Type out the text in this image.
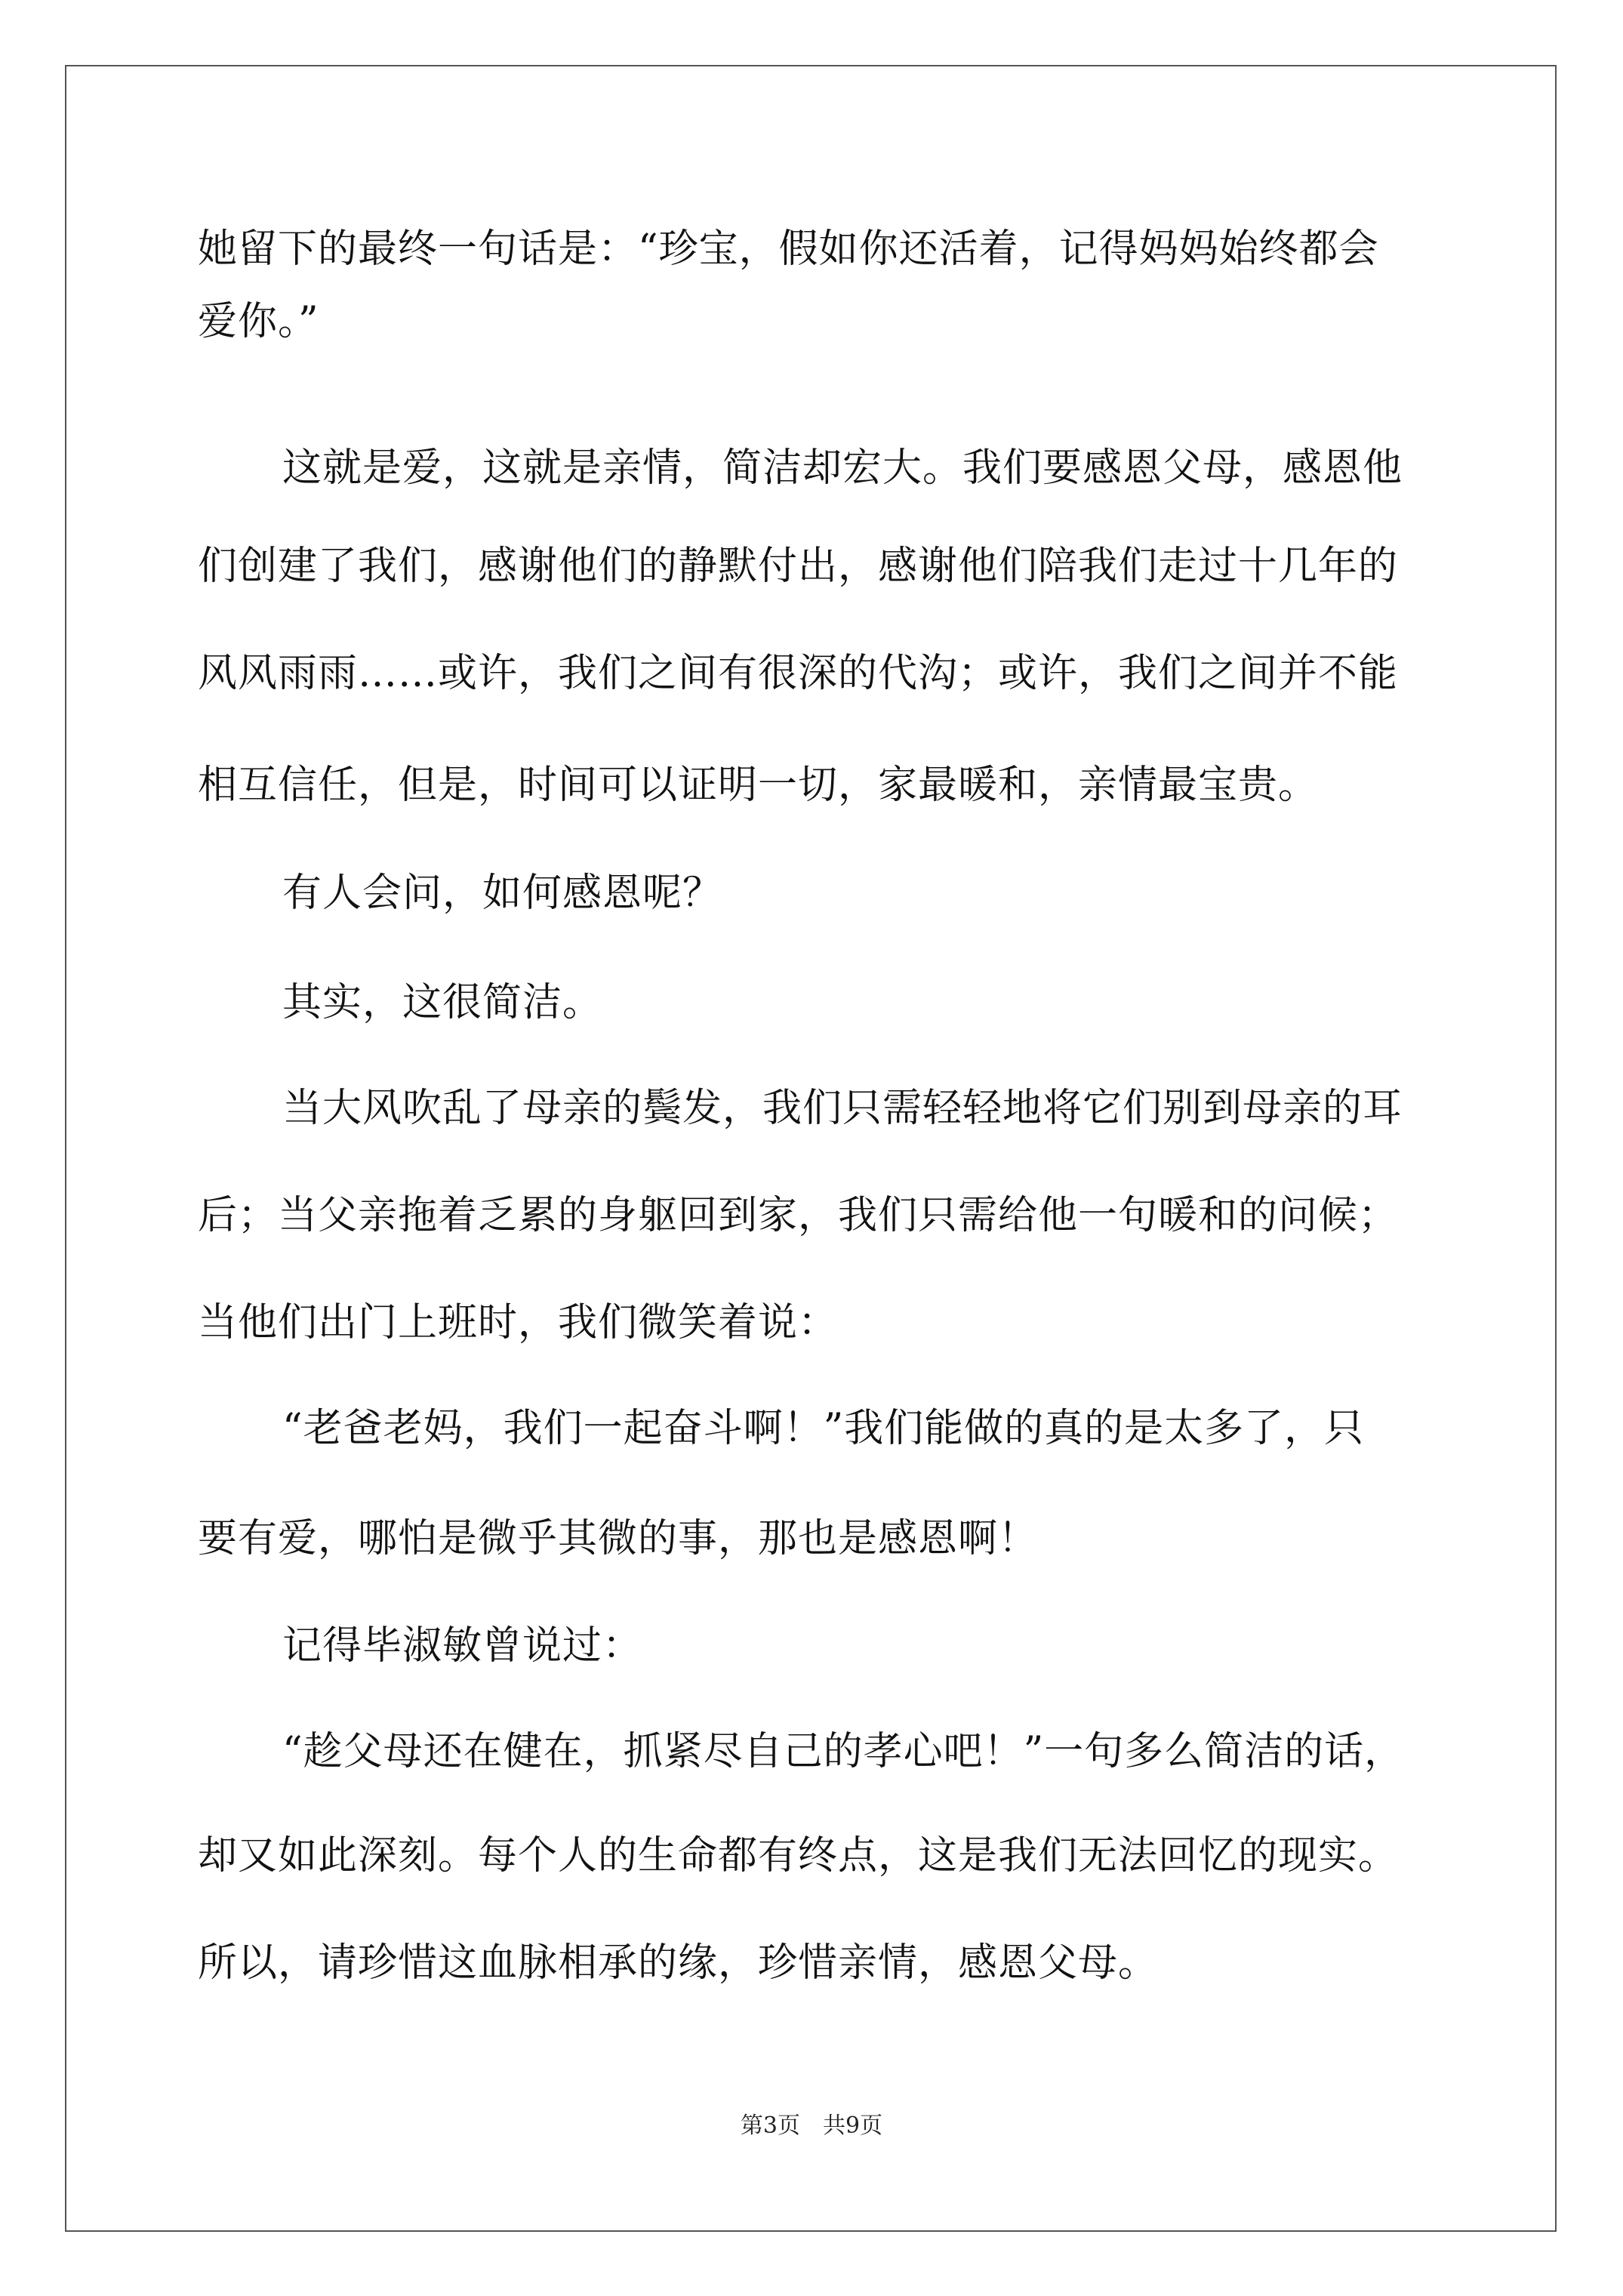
她留下的最终一句话是：“珍宝，假如你还活着，记得妈妈始终都会
爱你。”
这就是爱，这就是亲情，简洁却宏大。我们要感恩父母，感恩他
们创建了我们，感谢他们的静默付出，感谢他们陪我们走过十几年的
风风雨雨……或许，我们之间有很深的代沟；或许，我们之间并不能
相互信任，但是，时间可以证明一切，家最暖和，亲情最宝贵。
有人会问，如何感恩呢？
其实，这很简洁。
当大风吹乱了母亲的鬓发，我们只需轻轻地将它们别到母亲的耳
后；当父亲拖着乏累的身躯回到家，我们只需给他一句暖和的问候；
当他们出门上班时，我们微笑着说：
“老爸老妈，我们一起奋斗啊！”我们能做的真的是太多了，只
要有爱，哪怕是微乎其微的事，那也是感恩啊！
记得毕淑敏曾说过：
“趁父母还在健在，抓紧尽自己的孝心吧！”一句多么简洁的话，
却又如此深刻。每个人的生命都有终点，这是我们无法回忆的现实。
所以，请珍惜这血脉相承的缘，珍惜亲情，感恩父母。
第3页 共9页
